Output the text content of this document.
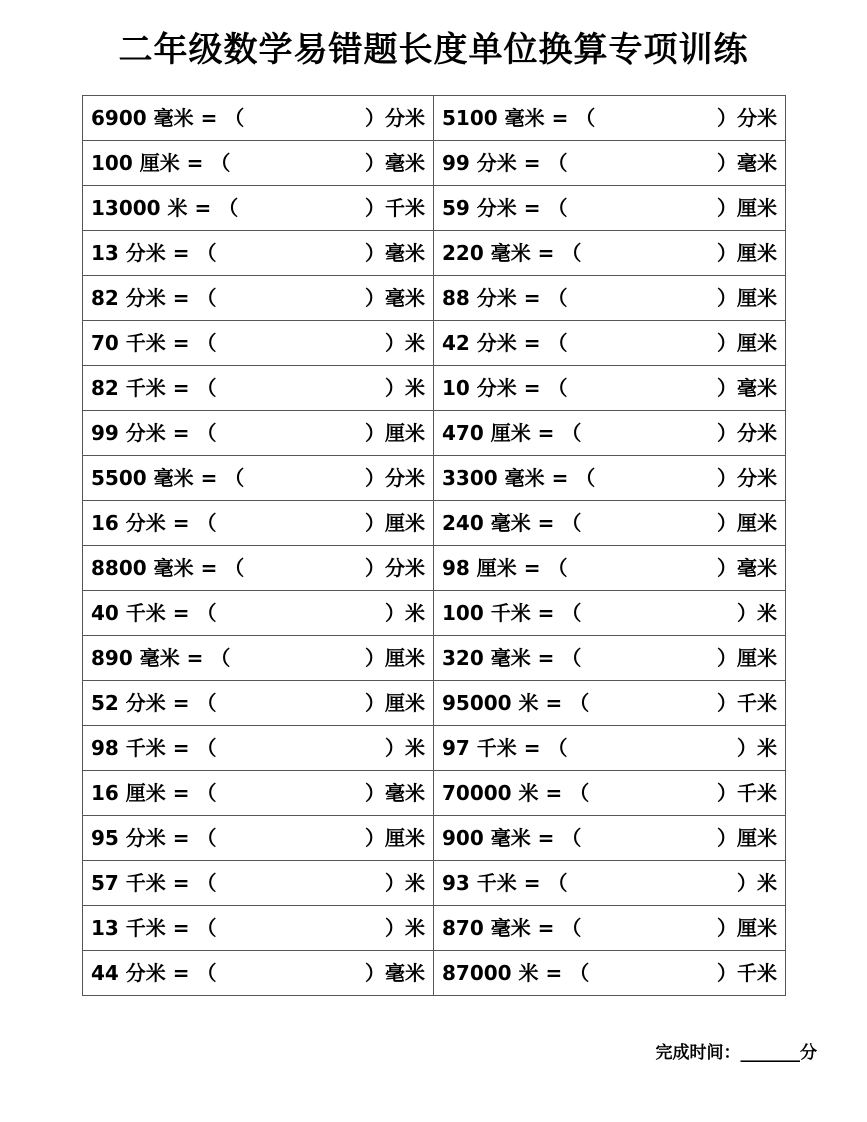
二年级数学易错题长度单位换算专项训练
6900 毫米 = （ ）分米	5100 毫米 = （ ）分米

100 厘米 = （ ）毫米	99 分米 = （ ）毫米

13000 米 = （ ）千米	59 分米 = （ ）厘米

13 分米 = （ ）毫米	220 毫米 = （ ）厘米

82 分米 = （ ）毫米	88 分米 = （ ）厘米

70 千米 = （ ）米	42 分米 = （ ）厘米

82 千米 = （ ）米	10 分米 = （ ）毫米

99 分米 = （ ）厘米	470 厘米 = （ ）分米

5500 毫米 = （ ）分米	3300 毫米 = （ ）分米

16 分米 = （ ）厘米	240 毫米 = （ ）厘米

8800 毫米 = （ ）分米	98 厘米 = （ ）毫米

40 千米 = （ ）米	100 千米 = （ ）米

890 毫米 = （ ）厘米	320 毫米 = （ ）厘米

52 分米 = （ ）厘米	95000 米 = （ ）千米

98 千米 = （ ）米	97 千米 = （ ）米

16 厘米 = （ ）毫米	70000 米 = （ ）千米

95 分米 = （ ）厘米	900 毫米 = （ ）厘米

57 千米 = （ ）米	93 千米 = （ ）米

13 千米 = （ ）米	870 毫米 = （ ）厘米

44 分米 = （ ）毫米	87000 米 = （ ）千米
完成时间：_______分
